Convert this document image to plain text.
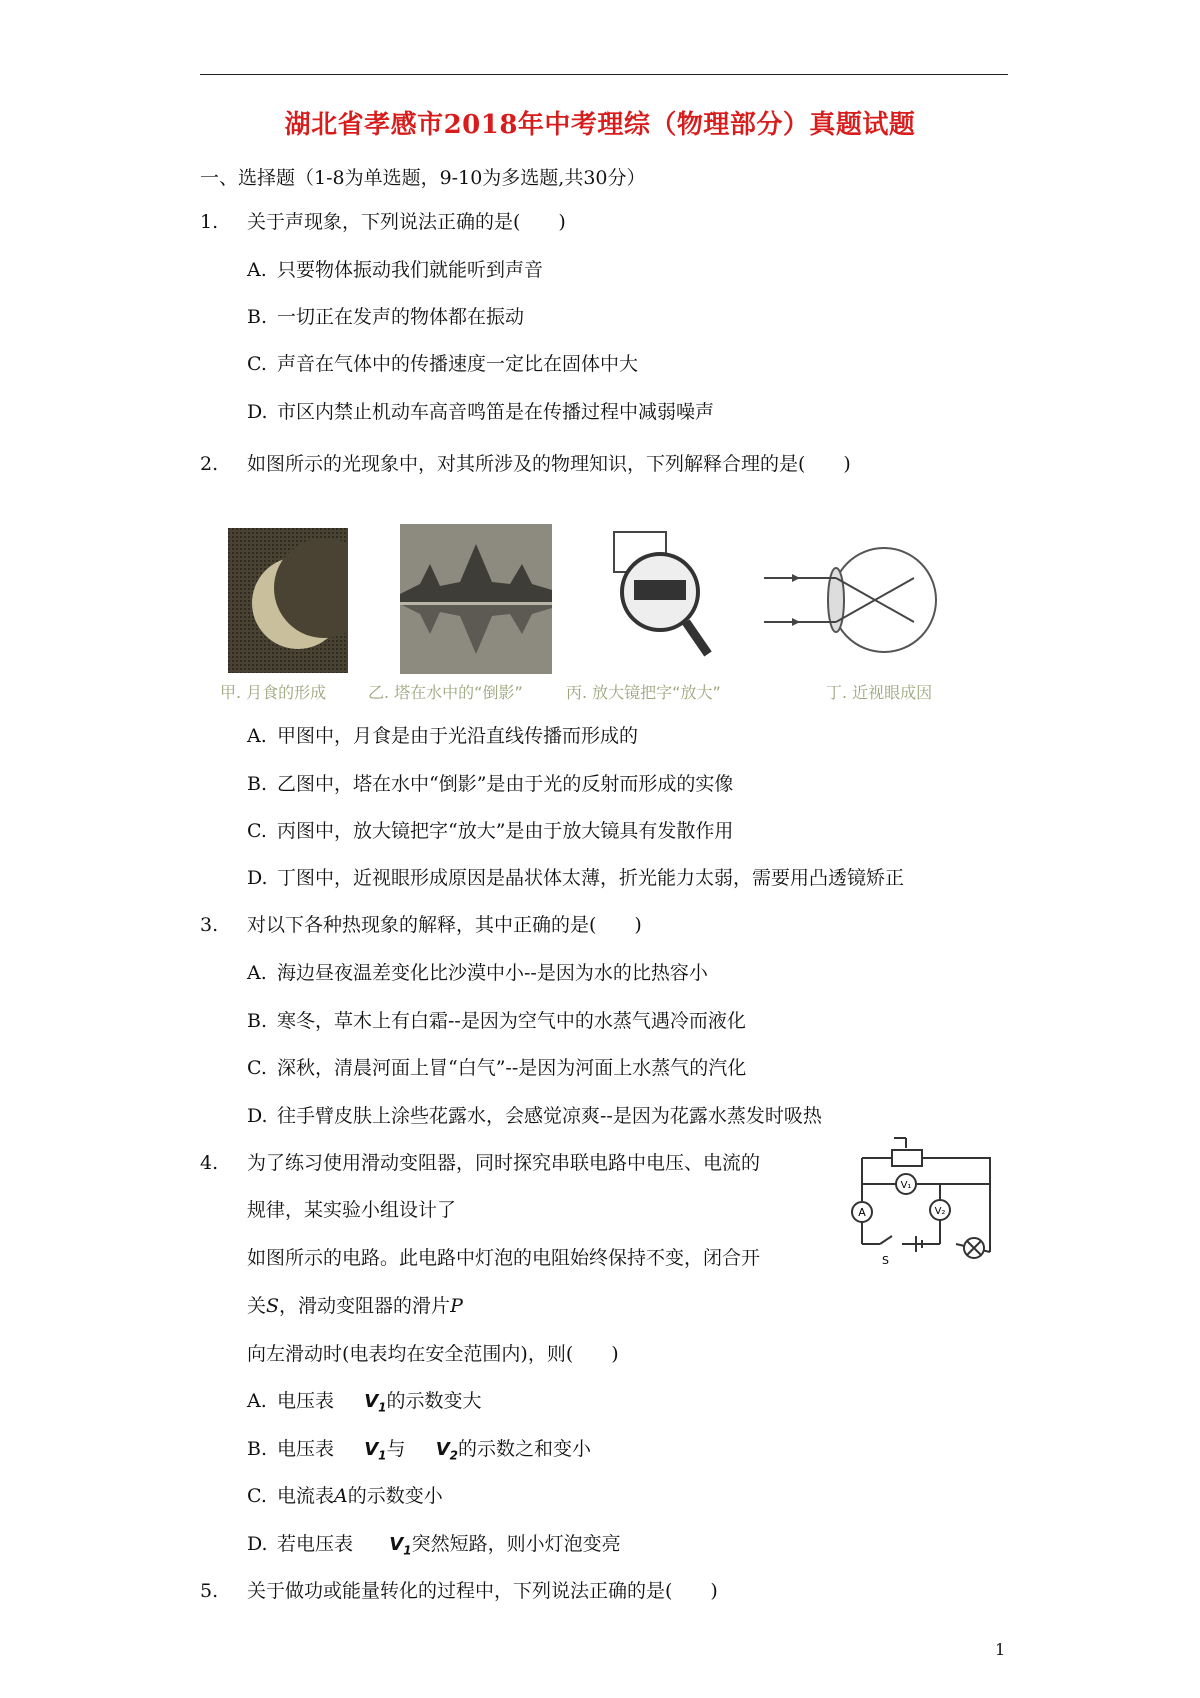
湖北省孝感市2018年中考理综（物理部分）真题试题
一、选择题（1-8为单选题，9-10为多选题,共30分）
1. 关于声现象，下列说法正确的是(　　)
A. 只要物体振动我们就能听到声音
B. 一切正在发声的物体都在振动
C. 声音在气体中的传播速度一定比在固体中大
D. 市区内禁止机动车高音鸣笛是在传播过程中减弱噪声
2. 如图所示的光现象中，对其所涉及的物理知识，下列解释合理的是(　　)
甲. 月食的形成	乙. 塔在水中的“倒影”	丙. 放大镜把字“放大”	丁. 近视眼成因
A. 甲图中，月食是由于光沿直线传播而形成的
B. 乙图中，塔在水中“倒影”是由于光的反射而形成的实像
C. 丙图中，放大镜把字“放大”是由于放大镜具有发散作用
D. 丁图中，近视眼形成原因是晶状体太薄，折光能力太弱，需要用凸透镜矫正
3. 对以下各种热现象的解释，其中正确的是(　　)
A. 海边昼夜温差变化比沙漠中小--是因为水的比热容小
B. 寒冬，草木上有白霜--是因为空气中的水蒸气遇冷而液化
C. 深秋，清晨河面上冒“白气”--是因为河面上水蒸气的汽化
D. 往手臂皮肤上涂些花露水，会感觉凉爽--是因为花露水蒸发时吸热
4. 为了练习使用滑动变阻器，同时探究串联电路中电压、电流的
规律，某实验小组设计了
如图所示的电路。此电路中灯泡的电阻始终保持不变，闭合开
关S，滑动变阻器的滑片P
向左滑动时(电表均在安全范围内)，则(　　)
V₁
V₂
A
S
A. 电压表 $V_1$的示数变大
B. 电压表 $V_1$与 $V_2$的示数之和变小
C. 电流表A的示数变小
D. 若电压表 $V_1$突然短路，则小灯泡变亮
5. 关于做功或能量转化的过程中，下列说法正确的是(　　)
1
